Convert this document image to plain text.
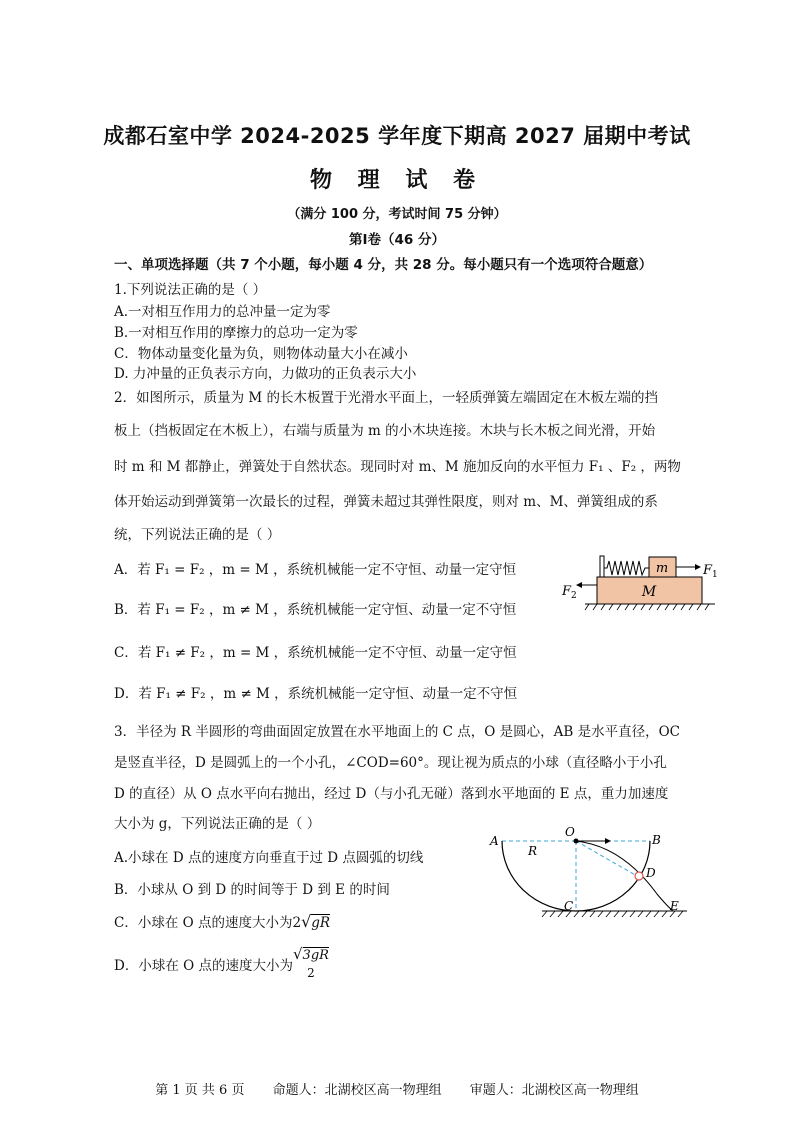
成都石室中学 2024-2025 学年度下期高 2027 届期中考试
物 理 试 卷
（满分 100 分，考试时间 75 分钟）
第Ⅰ卷（46 分）
一、单项选择题（共 7 个小题，每小题 4 分，共 28 分。每小题只有一个选项符合题意）
1.下列说法正确的是（ ）
A.一对相互作用力的总冲量一定为零
B.一对相互作用的摩擦力的总功一定为零
C．物体动量变化量为负，则物体动量大小在减小
D. 力冲量的正负表示方向，力做功的正负表示大小
2．如图所示，质量为 M 的长木板置于光滑水平面上，一轻质弹簧左端固定在木板左端的挡
板上（挡板固定在木板上），右端与质量为 m 的小木块连接。木块与长木板之间光滑，开始
时 m 和 M 都静止，弹簧处于自然状态。现同时对 m、M 施加反向的水平恒力 F₁ 、F₂ ，两物
体开始运动到弹簧第一次最长的过程，弹簧未超过其弹性限度，则对 m、M、弹簧组成的系
统，下列说法正确的是（ ）
A．若 F₁ = F₂ ，m = M ，系统机械能一定不守恒、动量一定守恒
B．若 F₁ = F₂ ，m ≠ M ，系统机械能一定守恒、动量一定不守恒
C．若 F₁ ≠ F₂ ，m = M ，系统机械能一定不守恒、动量一定守恒
D．若 F₁ ≠ F₂ ，m ≠ M ，系统机械能一定守恒、动量一定不守恒
m	$F_1$
M
$F_2$
3．半径为 R 半圆形的弯曲面固定放置在水平地面上的 C 点，O 是圆心，AB 是水平直径，OC
是竖直半径，D 是圆弧上的一个小孔，∠COD=60°。现让视为质点的小球（直径略小于小孔
D 的直径）从 O 点水平向右抛出，经过 D（与小孔无碰）落到水平地面的 E 点，重力加速度
大小为 g，下列说法正确的是（ ）
A.小球在 D 点的速度方向垂直于过 D 点圆弧的切线
B．小球从 O 到 D 的时间等于 D 到 E 的时间
C．小球在 O 点的速度大小为2√gR
D．小球在 O 点的速度大小为
√3gR
2
A	B
O
R
C
D
E
第 1 页 共 6 页 命题人：北湖校区高一物理组 审题人：北湖校区高一物理组
